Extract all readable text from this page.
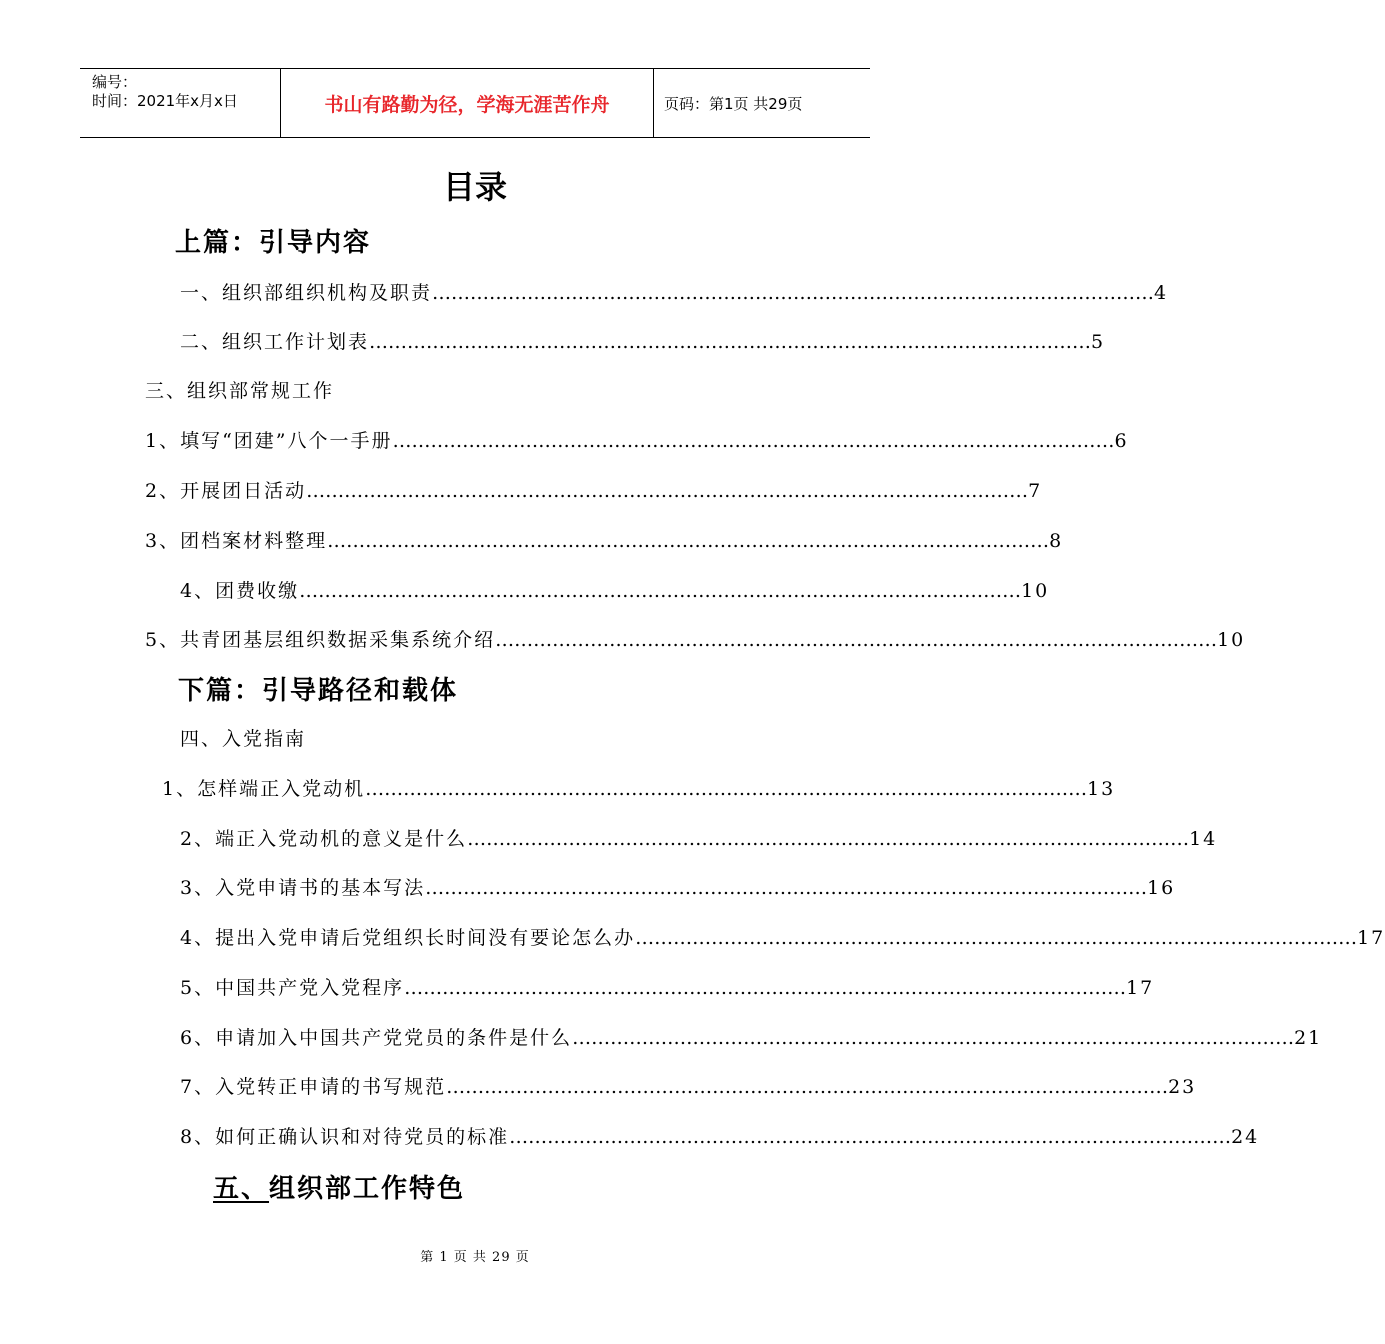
编号：
时间：2021年x月x日	书山有路勤为径，学海无涯苦作舟	页码：第1页 共29页
目录
上篇：引导内容
一、组织部组织机构及职责 …………………………………………………………………………………………………… 4
二、组织工作计划表 …………………………………………………………………………………………………… 5
三、组织部常规工作
1、填写“团建”八个一手册 …………………………………………………………………………………………………… 6
2、开展团日活动 …………………………………………………………………………………………………… 7
3、团档案材料整理 …………………………………………………………………………………………………… 8
4、团费收缴 …………………………………………………………………………………………………… 10
5、共青团基层组织数据采集系统介绍 …………………………………………………………………………………………………… 10
下篇：引导路径和载体
四、入党指南
1、怎样端正入党动机 …………………………………………………………………………………………………… 13
2、端正入党动机的意义是什么 …………………………………………………………………………………………………… 14
3、入党申请书的基本写法 …………………………………………………………………………………………………… 16
4、提出入党申请后党组织长时间没有要论怎么办 …………………………………………………………………………………………………… 17
5、中国共产党入党程序 …………………………………………………………………………………………………… 17
6、申请加入中国共产党党员的条件是什么 …………………………………………………………………………………………………… 21
7、入党转正申请的书写规范 …………………………………………………………………………………………………… 23
8、如何正确认识和对待党员的标准 …………………………………………………………………………………………………… 24
五、组织部工作特色
第 1 页 共 29 页
